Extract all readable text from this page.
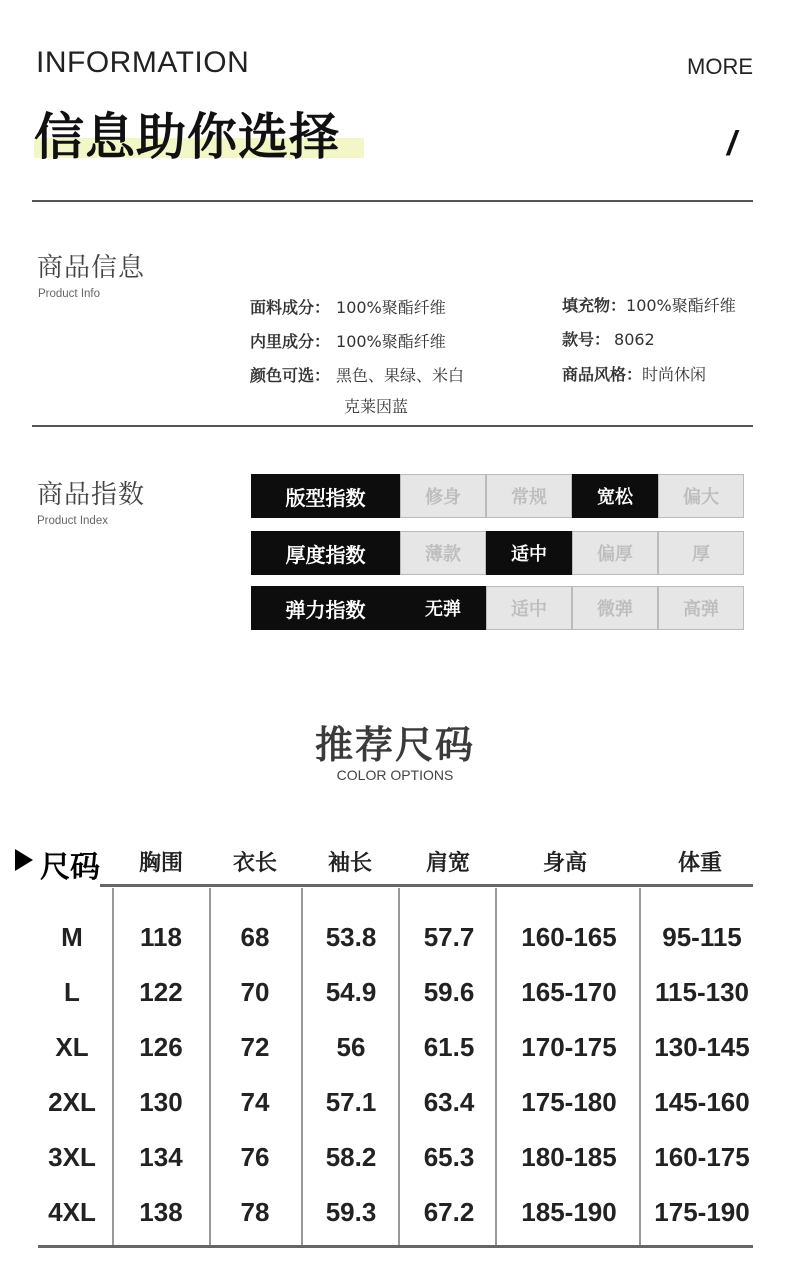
INFORMATION	MORE
信息助你选择	/
商品信息
Product Info
面料成分： 100%聚酯纤维
内里成分： 100%聚酯纤维
颜色可选： 黑色、果绿、米白
克莱因蓝
填充物：100%聚酯纤维
款号： 8062
商品风格：时尚休闲
商品指数
Product Index
版型指数	修身	常规	宽松	偏大
厚度指数	薄款	适中	偏厚	厚
弹力指数	无弹	适中	微弹	高弹
推荐尺码
COLOR OPTIONS
尺码	胸围	衣长	袖长	肩宽	身高	体重
M	118	68	53.8	57.7	160-165	95-115
L	122	70	54.9	59.6	165-170	115-130
XL	126	72	56	61.5	170-175	130-145
2XL	130	74	57.1	63.4	175-180	145-160
3XL	134	76	58.2	65.3	180-185	160-175
4XL	138	78	59.3	67.2	185-190	175-190
